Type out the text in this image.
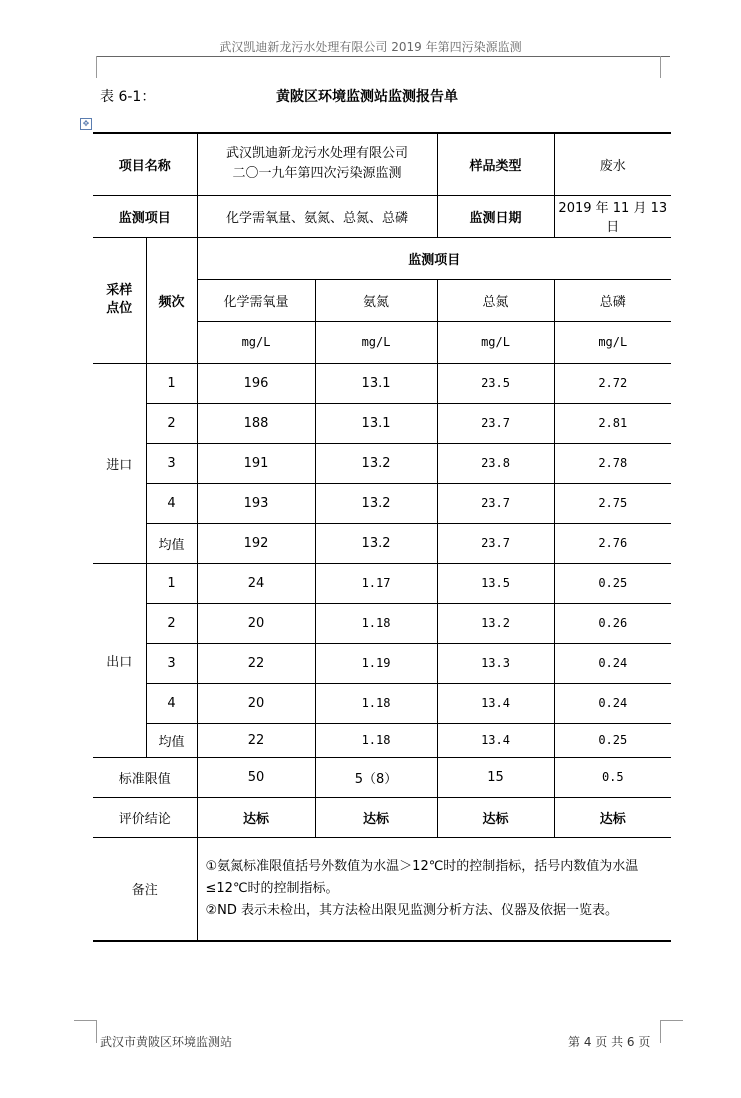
武汉凯迪新龙污水处理有限公司 2019 年第四污染源监测
表 6-1：	黄陂区环境监测站监测报告单
✥
项目名称		武汉凯迪新龙污水处理有限公司
二〇一九年第四次污染源监测		样品类型	废水
监测项目		化学需氧量、氨氮、总氮、总磷		监测日期	2019 年 11 月 13 日
采样
点位	频次	监测项目			
		化学需氧量	氨氮	总氮	总磷
		mg/L	mg/L	mg/L	mg/L
进口	1	196	13.1	23.5	2.72
	2	188	13.1	23.7	2.81
	3	191	13.2	23.8	2.78
	4	193	13.2	23.7	2.75
	均值	192	13.2	23.7	2.76
出口	1	24	1.17	13.5	0.25
	2	20	1.18	13.2	0.26
	3	22	1.19	13.3	0.24
	4	20	1.18	13.4	0.24
	均值	22	1.18	13.4	0.25
标准限值		50	5（8）	15	0.5
评价结论		达标	达标	达标	达标
备注		①氨氮标准限值括号外数值为水温＞12℃时的控制指标，括号内数值为水温≤12℃时的控制指标。
②ND 表示未检出，其方法检出限见监测分析方法、仪器及依据一览表。			
武汉市黄陂区环境监测站	第 4 页 共 6 页
